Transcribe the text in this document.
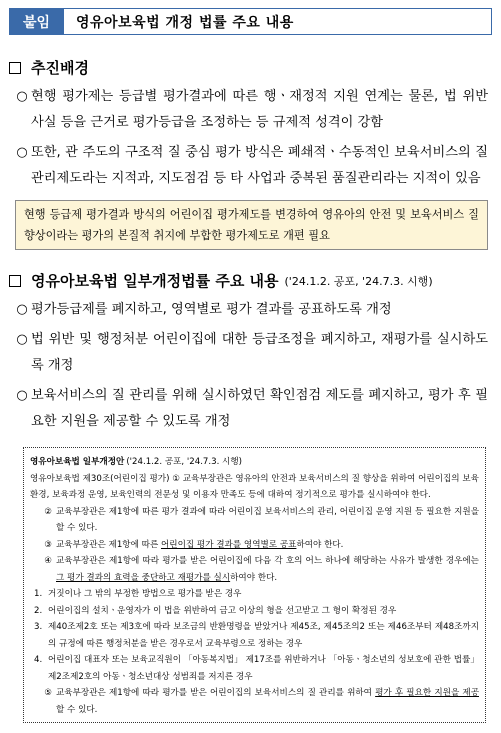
붙임	영유아보육법 개정 법률 주요 내용
추진배경
○ 현행 평가제는 등급별 평가결과에 따른 행ㆍ재정적 지원 연계는 물론, 법 위반 사실 등을 근거로 평가등급을 조정하는 등 규제적 성격이 강함
○ 또한, 관 주도의 구조적 질 중심 평가 방식은 폐쇄적ㆍ수동적인 보육서비스의 질 관리제도라는 지적과, 지도점검 등 타 사업과 중복된 품질관리라는 지적이 있음
현행 등급제 평가결과 방식의 어린이집 평가제도를 변경하여 영유아의 안전 및 보육서비스 질 향상이라는 평가의 본질적 취지에 부합한 평가제도로 개편 필요
영유아보육법 일부개정법률 주요 내용 ('24.1.2. 공포, '24.7.3. 시행)
○ 평가등급제를 폐지하고, 영역별로 평가 결과를 공표하도록 개정
○ 법 위반 및 행정처분 어린이집에 대한 등급조정을 폐지하고, 재평가를 실시하도록 개정
○ 보육서비스의 질 관리를 위해 실시하였던 확인점검 제도를 폐지하고, 평가 후 필요한 지원을 제공할 수 있도록 개정
영유아보육법 일부개정안 ('24.1.2. 공포, '24.7.3. 시행)
영유아보육법 제30조(어린이집 평가) ① 교육부장관은 영유아의 안전과 보육서비스의 질 향상을 위하여 어린이집의 보육환경, 보육과정 운영, 보육인력의 전문성 및 이용자 만족도 등에 대하여 정기적으로 평가를 실시하여야 한다.
② 교육부장관은 제1항에 따른 평가 결과에 따라 어린이집 보육서비스의 관리, 어린이집 운영 지원 등 필요한 지원을 할 수 있다.
③ 교육부장관은 제1항에 따른 어린이집 평가 결과를 영역별로 공표하여야 한다.
④ 교육부장관은 제1항에 따라 평가를 받은 어린이집에 다음 각 호의 어느 하나에 해당하는 사유가 발생한 경우에는 그 평가 결과의 효력을 중단하고 재평가를 실시하여야 한다.
1. 거짓이나 그 밖의 부정한 방법으로 평가를 받은 경우
2. 어린이집의 설치ㆍ운영자가 이 법을 위반하여 금고 이상의 형을 선고받고 그 형이 확정된 경우
3. 제40조제2호 또는 제3호에 따라 보조금의 반환명령을 받았거나 제45조, 제45조의2 또는 제46조부터 제48조까지의 규정에 따른 행정처분을 받은 경우로서 교육부령으로 정하는 경우
4. 어린이집 대표자 또는 보육교직원이 「아동복지법」 제17조를 위반하거나 「아동ㆍ청소년의 성보호에 관한 법률」 제2조제2호의 아동ㆍ청소년대상 성범죄를 저지른 경우
⑤ 교육부장관은 제1항에 따라 평가를 받은 어린이집의 보육서비스의 질 관리를 위하여 평가 후 필요한 지원을 제공할 수 있다.
